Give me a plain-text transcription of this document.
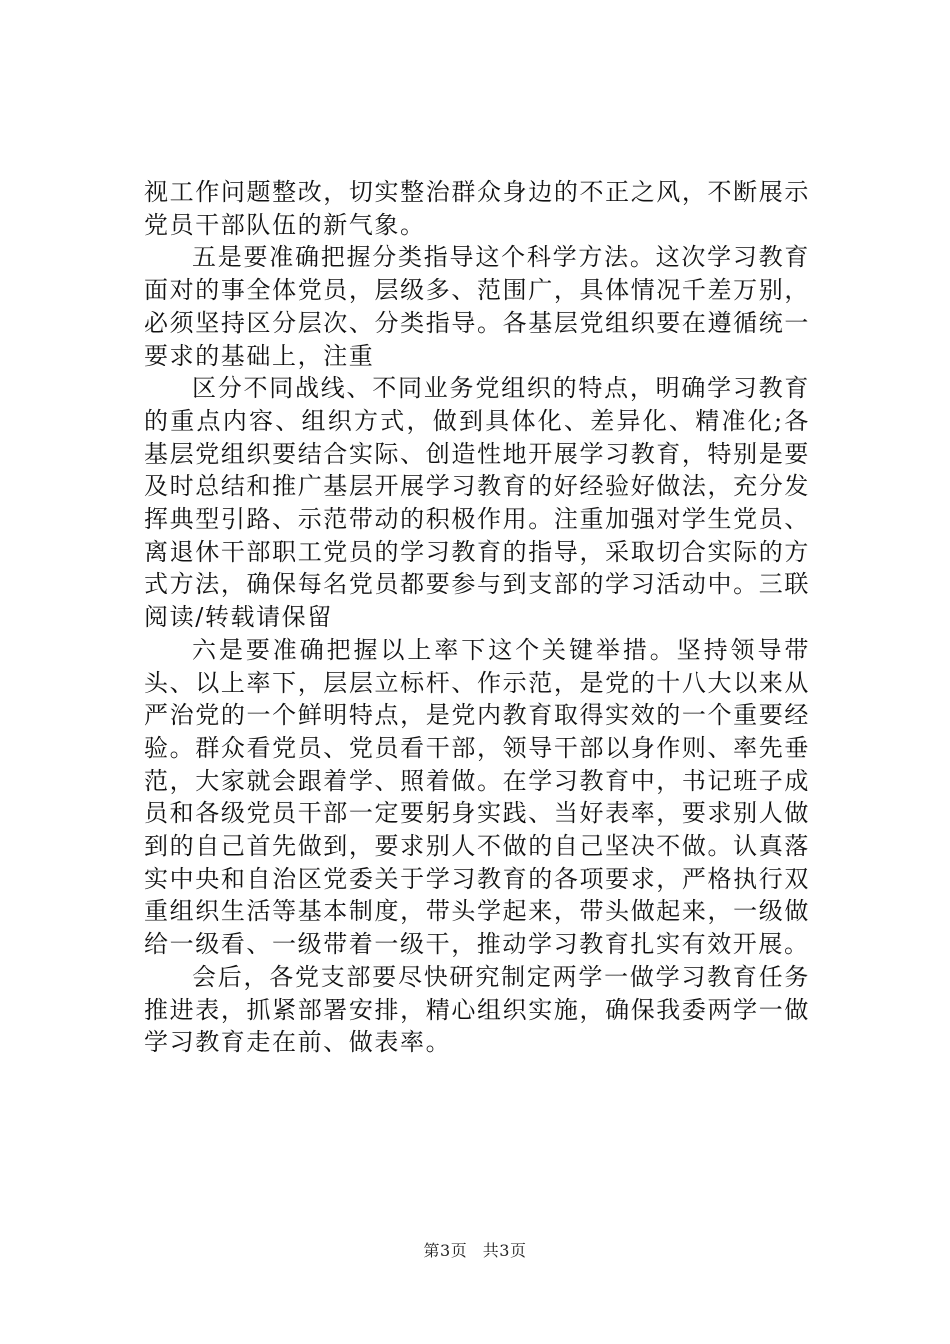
视工作问题整改，切实整治群众身边的不正之风，不断展示党员干部队伍的新气象。

五是要准确把握分类指导这个科学方法。这次学习教育面对的事全体党员，层级多、范围广，具体情况千差万别，必须坚持区分层次、分类指导。各基层党组织要在遵循统一要求的基础上，注重

区分不同战线、不同业务党组织的特点，明确学习教育的重点内容、组织方式，做到具体化、差异化、精准化;各基层党组织要结合实际、创造性地开展学习教育，特别是要及时总结和推广基层开展学习教育的好经验好做法，充分发挥典型引路、示范带动的积极作用。注重加强对学生党员、离退休干部职工党员的学习教育的指导，采取切合实际的方式方法，确保每名党员都要参与到支部的学习活动中。三联阅读/转载请保留

六是要准确把握以上率下这个关键举措。坚持领导带头、以上率下，层层立标杆、作示范，是党的十八大以来从严治党的一个鲜明特点，是党内教育取得实效的一个重要经验。群众看党员、党员看干部，领导干部以身作则、率先垂范，大家就会跟着学、照着做。在学习教育中，书记班子成员和各级党员干部一定要躬身实践、当好表率，要求别人做到的自己首先做到，要求别人不做的自己坚决不做。认真落实中央和自治区党委关于学习教育的各项要求，严格执行双重组织生活等基本制度，带头学起来，带头做起来，一级做给一级看、一级带着一级干，推动学习教育扎实有效开展。

会后，各党支部要尽快研究制定两学一做学习教育任务推进表，抓紧部署安排，精心组织实施，确保我委两学一做学习教育走在前、做表率。

第3页 共3页
